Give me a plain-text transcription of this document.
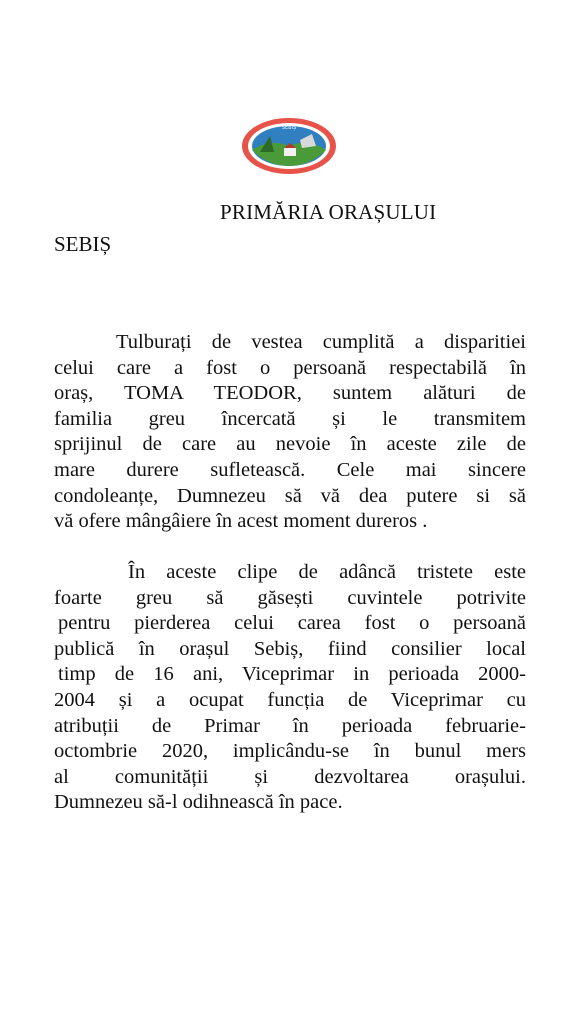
SEBIȘ
PRIMĂRIA ORAȘULUI
SEBIȘ
Tulburați de vestea cumplită a disparitiei
celui care a fost o persoană respectabilă în
oraș, TOMA TEODOR, suntem alături de
familia greu încercată și le transmitem
sprijinul de care au nevoie în aceste zile de
mare durere sufletească. Cele mai sincere
condoleanțe, Dumnezeu să vă dea putere si să
vă ofere mângâiere în acest moment dureros .
În aceste clipe de adâncă tristete este
foarte greu să găsești cuvintele potrivite
pentru pierderea celui carea fost o persoană
publică în orașul Sebiș, fiind consilier local
timp de 16 ani, Viceprimar in perioada 2000-
2004 și a ocupat funcția de Viceprimar cu
atribuții de Primar în perioada februarie-
octombrie 2020, implicându-se în bunul mers
al comunității și dezvoltarea orașului.
Dumnezeu să-l odihnească în pace.
